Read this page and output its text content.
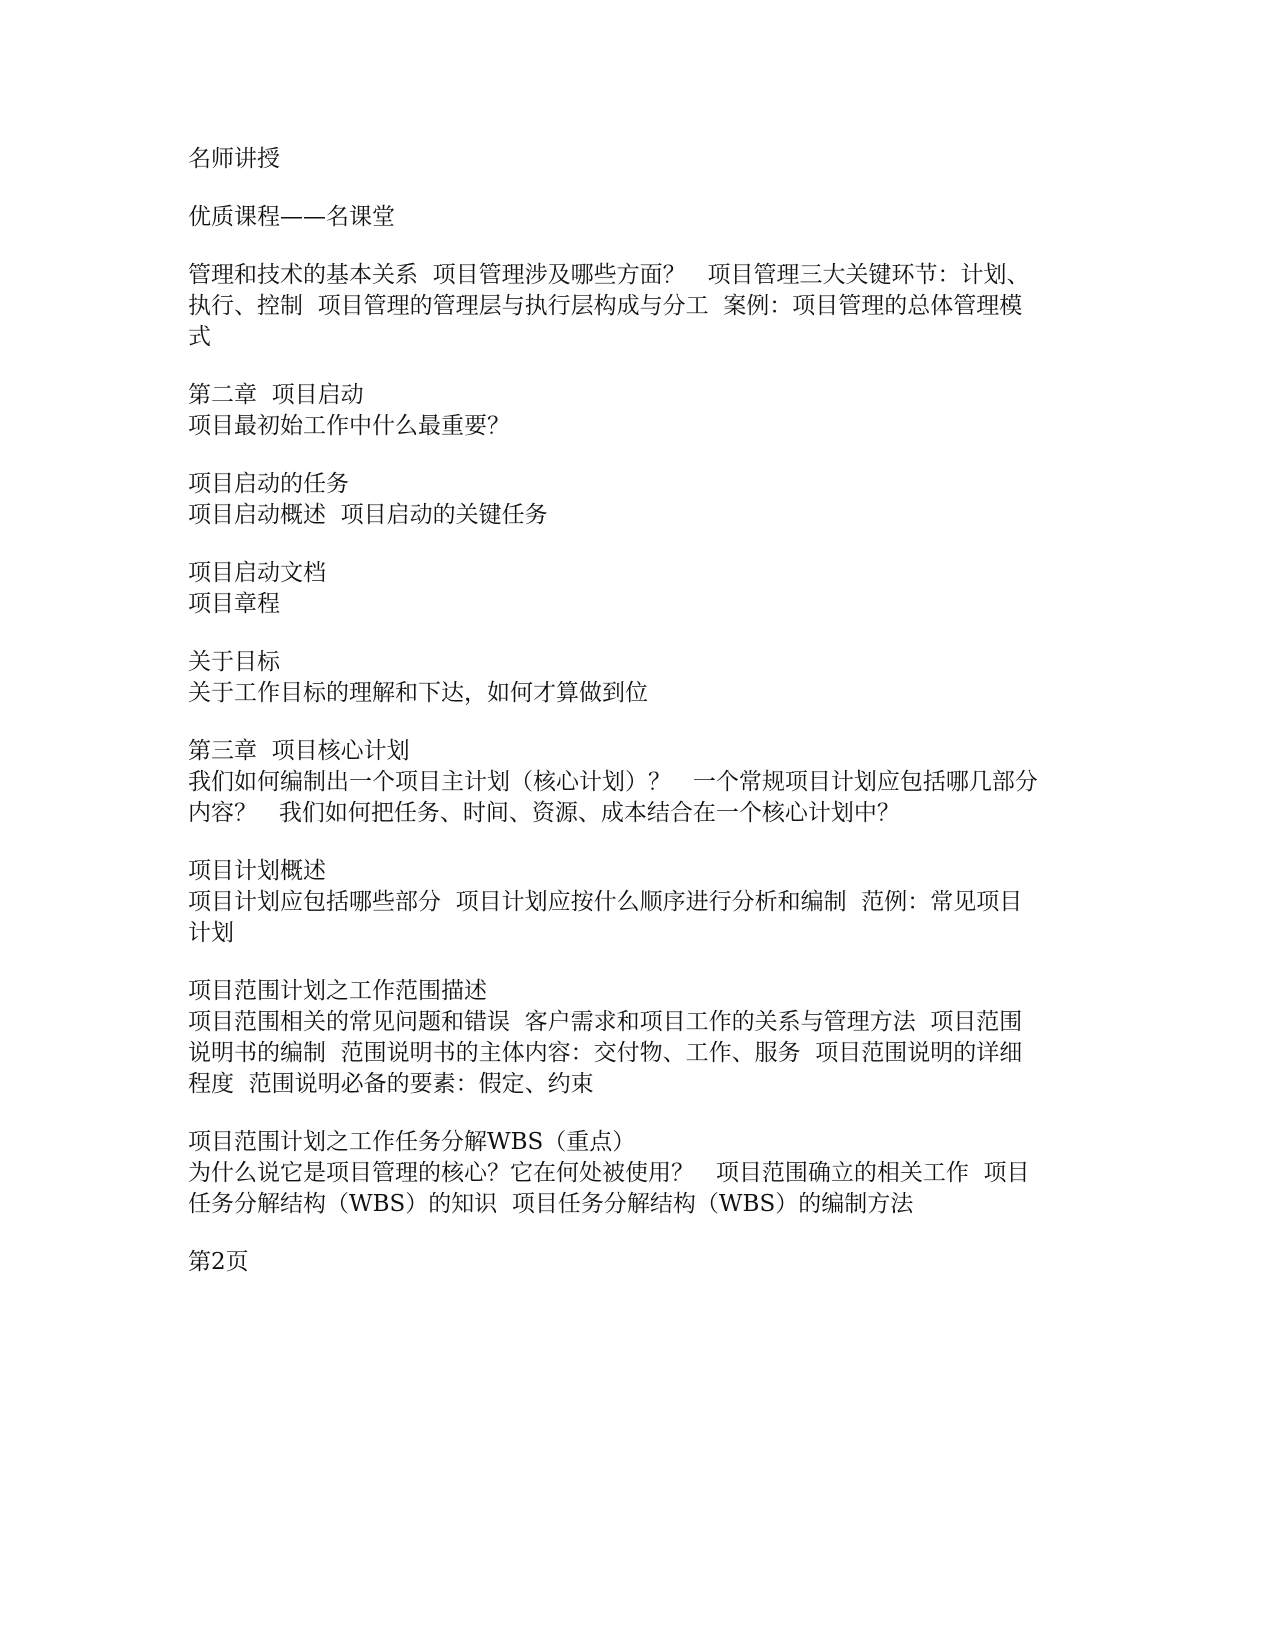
名师讲授
优质课程——名课堂
管理和技术的基本关系  项目管理涉及哪些方面？   项目管理三大关键环节：计划、
执行、控制  项目管理的管理层与执行层构成与分工  案例：项目管理的总体管理模
式
第二章  项目启动
项目最初始工作中什么最重要？
项目启动的任务
项目启动概述  项目启动的关键任务
项目启动文档
项目章程
关于目标
关于工作目标的理解和下达，如何才算做到位
第三章  项目核心计划
我们如何编制出一个项目主计划（核心计划）？   一个常规项目计划应包括哪几部分
内容？   我们如何把任务、时间、资源、成本结合在一个核心计划中？
项目计划概述
项目计划应包括哪些部分  项目计划应按什么顺序进行分析和编制  范例：常见项目
计划
项目范围计划之工作范围描述
项目范围相关的常见问题和错误  客户需求和项目工作的关系与管理方法  项目范围
说明书的编制  范围说明书的主体内容：交付物、工作、服务  项目范围说明的详细
程度  范围说明必备的要素：假定、约束
项目范围计划之工作任务分解WBS（重点）
为什么说它是项目管理的核心？它在何处被使用？   项目范围确立的相关工作  项目
任务分解结构（WBS）的知识  项目任务分解结构（WBS）的编制方法
第2页
